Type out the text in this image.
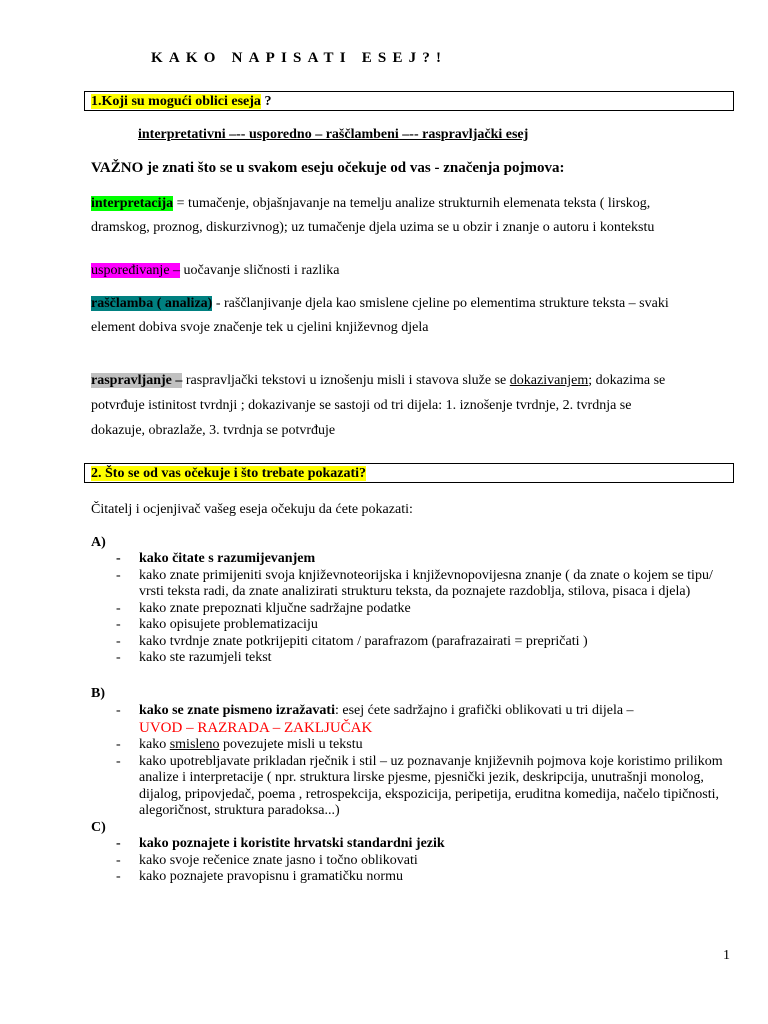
KAKO NAPISATI ESEJ?!
1.Koji su mogući oblici eseja ?
interpretativni –-- usporedno – raščlambeni –-- raspravljački esej
VAŽNO je znati što se u svakom eseju očekuje od vas - značenja pojmova:
interpretacija = tumačenje, objašnjavanje na temelju analize strukturnih elemenata teksta ( lirskog,
dramskog, proznog, diskurzivnog); uz tumačenje djela uzima se u obzir i znanje o autoru i kontekstu
uspoređivanje – uočavanje sličnosti i razlika
raščlamba ( analiza) - raščlanjivanje djela kao smislene cjeline po elementima strukture teksta – svaki
element dobiva svoje značenje tek u cjelini književnog djela
raspravljanje – raspravljački tekstovi u iznošenju misli i stavova služe se dokazivanjem; dokazima se
potvrđuje istinitost tvrdnji ; dokazivanje se sastoji od tri dijela: 1. iznošenje tvrdnje, 2. tvrdnja se
dokazuje, obrazlaže, 3. tvrdnja se potvrđuje
2. Što se od vas očekuje i što trebate pokazati?
Čitatelj i ocjenjivač vašeg eseja očekuju da ćete pokazati:
A)
- kako čitate s razumijevanjem
- kako znate primijeniti svoja književnoteorijska i književnopovijesna znanje ( da znate o kojem se tipu/ vrsti teksta radi, da znate analizirati strukturu teksta, da poznajete razdoblja, stilova, pisaca i djela)
- kako znate prepoznati ključne sadržajne podatke
- kako opisujete problematizaciju
- kako tvrdnje znate potkrijepiti citatom / parafrazom (parafrazairati = prepričati )
- kako ste razumjeli tekst
B)
- kako se znate pismeno izražavati: esej ćete sadržajno i grafički oblikovati u tri dijela –
UVOD – RAZRADA – ZAKLJUČAK
- kako smisleno povezujete misli u tekstu
- kako upotrebljavate prikladan rječnik i stil – uz poznavanje književnih pojmova koje koristimo prilikom analize i interpretacije ( npr. struktura lirske pjesme, pjesnički jezik, deskripcija, unutrašnji monolog, dijalog, pripovjedač, poema , retrospekcija, ekspozicija, peripetija, eruditna komedija, načelo tipičnosti, alegoričnost, struktura paradoksa...)
C)
- kako poznajete i koristite hrvatski standardni jezik
- kako svoje rečenice znate jasno i točno oblikovati
- kako poznajete pravopisnu i gramatičku normu
1
